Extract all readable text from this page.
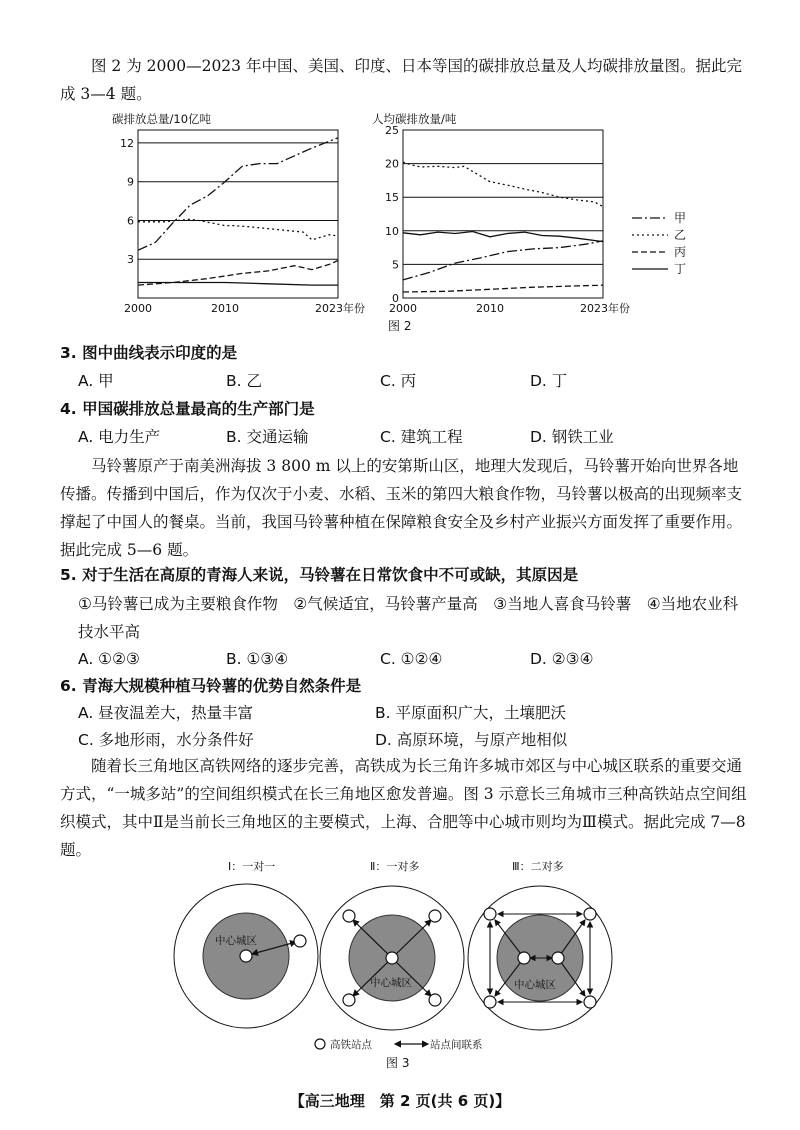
图 2 为 2000—2023 年中国、美国、印度、日本等国的碳排放总量及人均碳排放量图。据此完成 3—4 题。

碳排放总量/10亿吨
3
6
9
12
2000	2010	2023年份
人均碳排放量/吨
0
5
10
15
20
25
2000	2010	2023年份
甲
乙
丙
丁
图 2
3. 图中曲线表示印度的是
A. 甲	B. 乙	C. 丙	D. 丁
4. 甲国碳排放总量最高的生产部门是
A. 电力生产	B. 交通运输	C. 建筑工程	D. 钢铁工业

马铃薯原产于南美洲海拔 3 800 m 以上的安第斯山区，地理大发现后，马铃薯开始向世界各地传播。传播到中国后，作为仅次于小麦、水稻、玉米的第四大粮食作物，马铃薯以极高的出现频率支撑起了中国人的餐桌。当前，我国马铃薯种植在保障粮食安全及乡村产业振兴方面发挥了重要作用。据此完成 5—6 题。

5. 对于生活在高原的青海人来说，马铃薯在日常饮食中不可或缺，其原因是
①马铃薯已成为主要粮食作物　②气候适宜，马铃薯产量高　③当地人喜食马铃薯　④当地农业科技水平高
A. ①②③	B. ①③④	C. ①②④	D. ②③④
6. 青海大规模种植马铃薯的优势自然条件是
A. 昼夜温差大，热量丰富	B. 平原面积广大，土壤肥沃
C. 多地形雨，水分条件好	D. 高原环境，与原产地相似

随着长三角地区高铁网络的逐步完善，高铁成为长三角许多城市郊区与中心城区联系的重要交通方式，“一城多站”的空间组织模式在长三角地区愈发普遍。图 3 示意长三角城市三种高铁站点空间组织模式，其中Ⅱ是当前长三角地区的主要模式，上海、合肥等中心城市则均为Ⅲ模式。据此完成 7—8 题。

Ⅰ：一对一
中心城区
Ⅱ：一对多
中心城区
Ⅲ：二对多
中心城区
高铁站点	站点间联系
图 3
【高三地理　第 2 页(共 6 页)】
